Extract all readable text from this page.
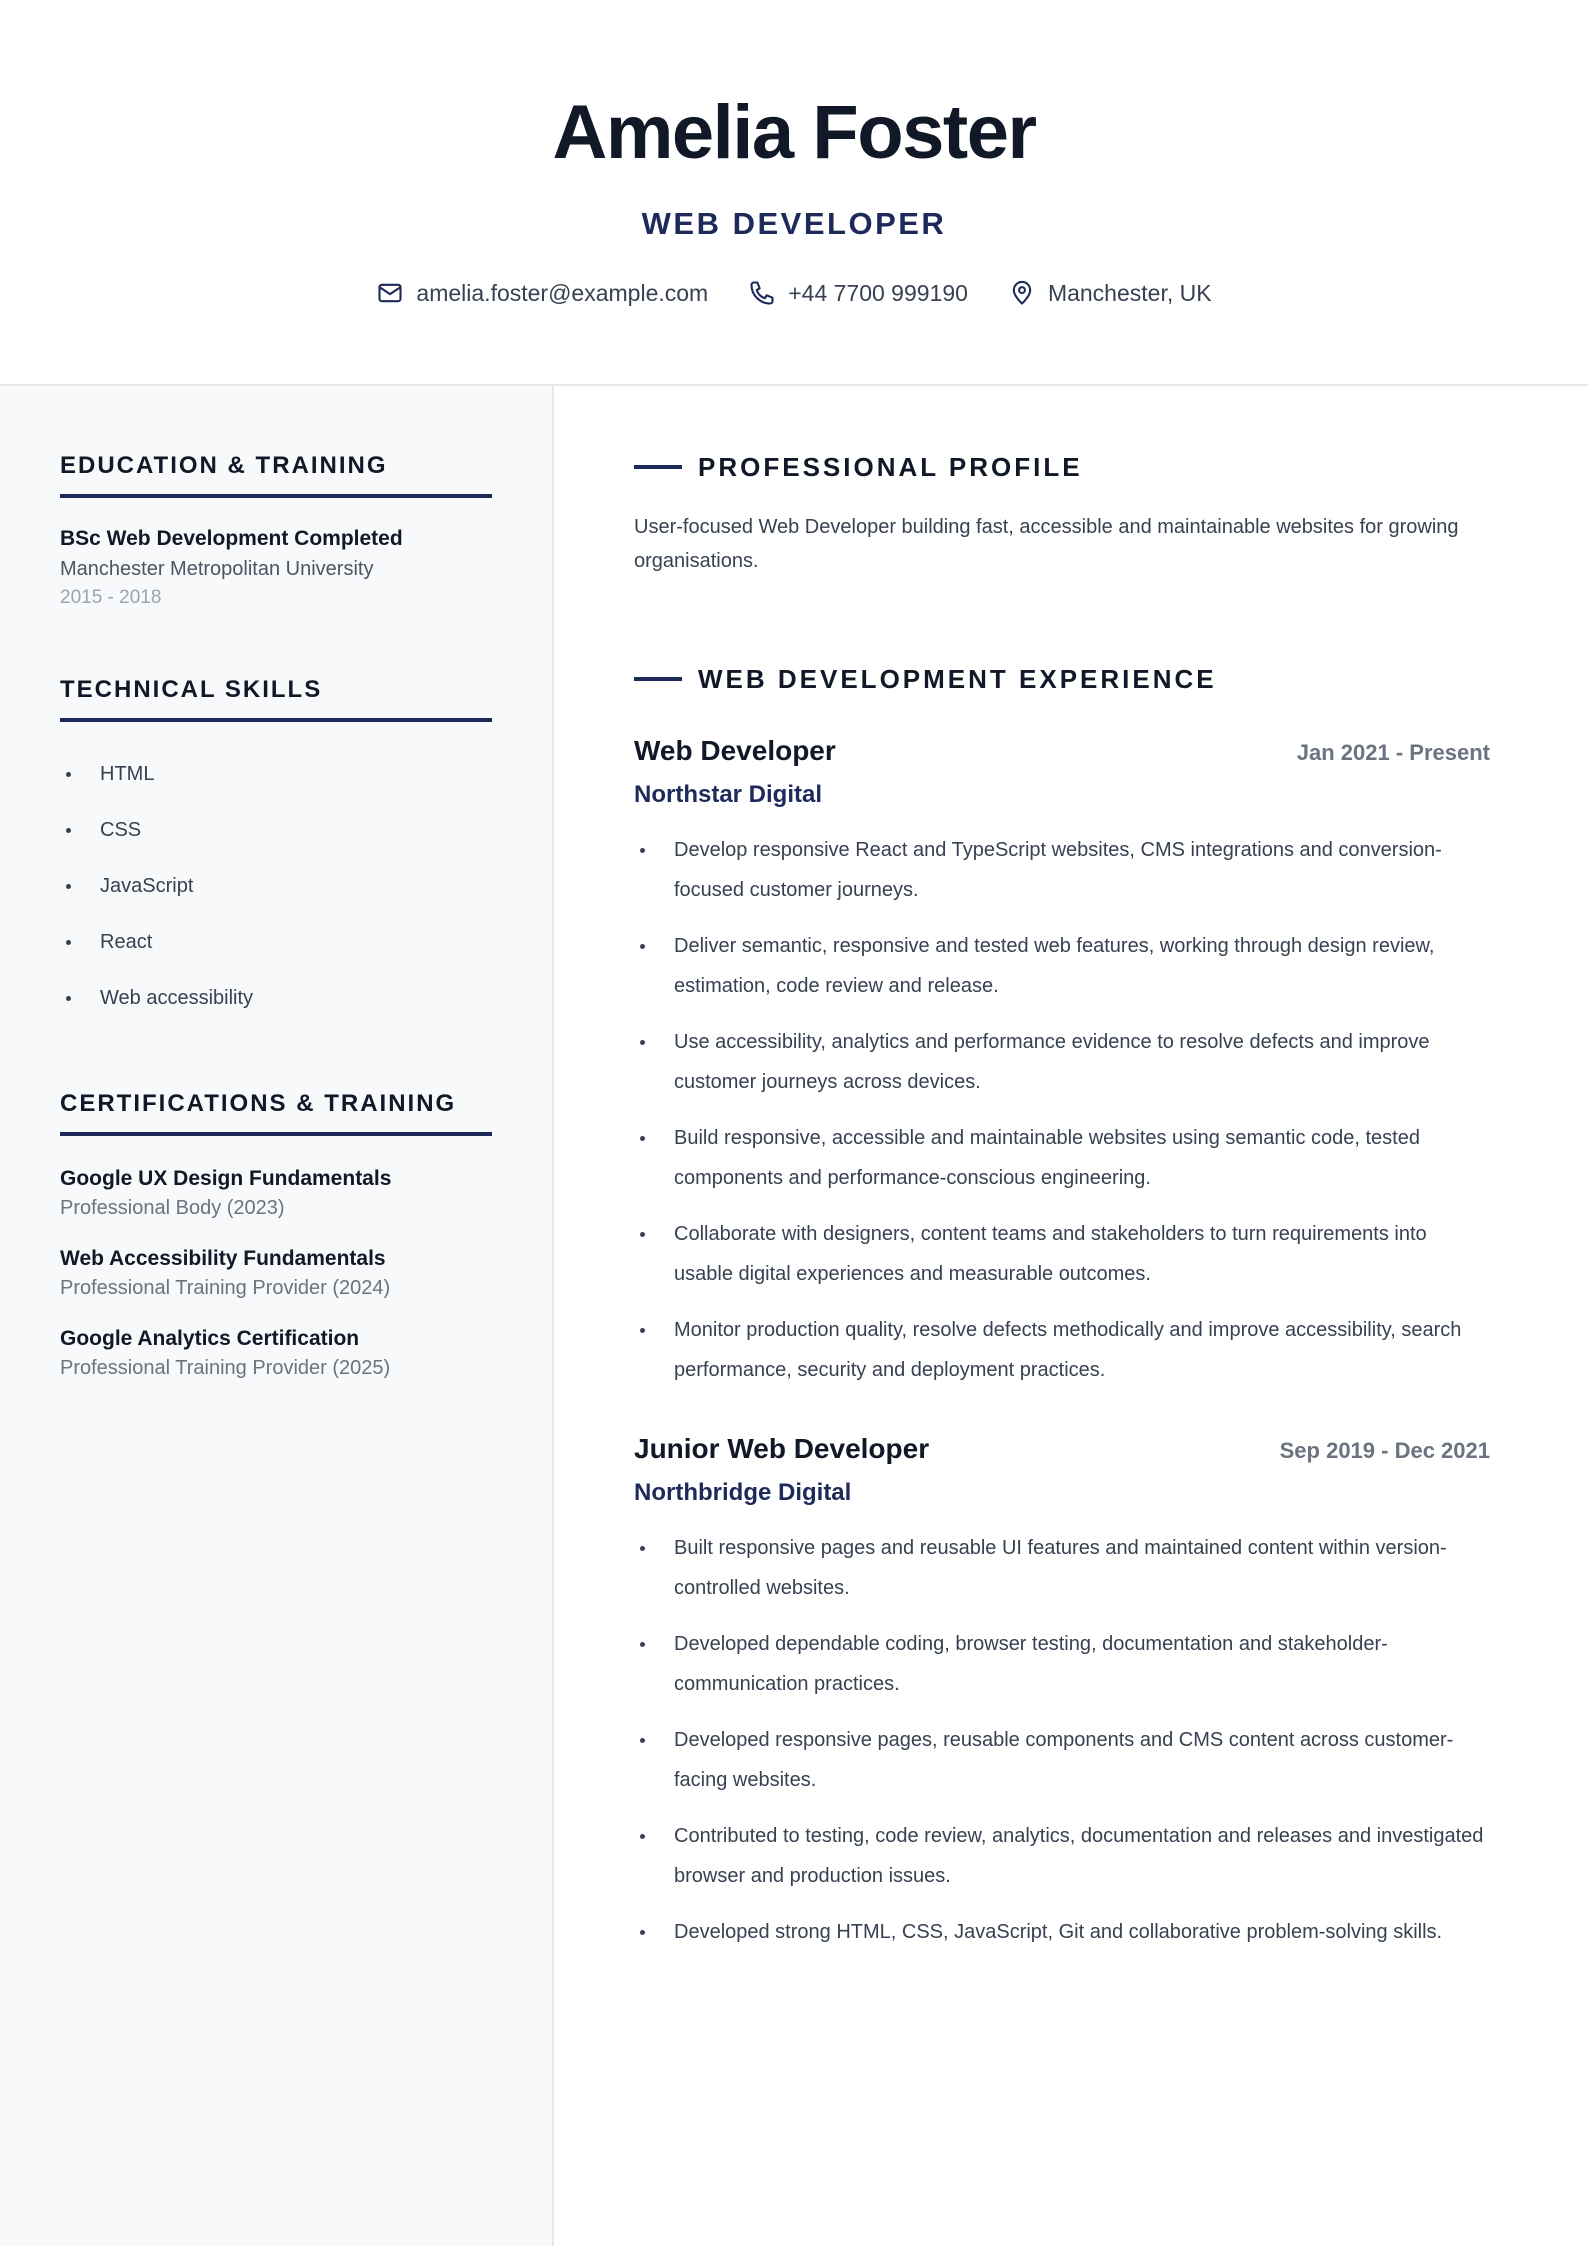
Amelia Foster
WEB DEVELOPER
amelia.foster@example.com	+44 7700 999190	Manchester, UK
EDUCATION & TRAINING
BSc Web Development Completed
Manchester Metropolitan University
2015 - 2018
TECHNICAL SKILLS
HTML
CSS
JavaScript
React
Web accessibility
CERTIFICATIONS & TRAINING
Google UX Design Fundamentals
Professional Body (2023)
Web Accessibility Fundamentals
Professional Training Provider (2024)
Google Analytics Certification
Professional Training Provider (2025)
PROFESSIONAL PROFILE

User-focused Web Developer building fast, accessible and maintainable websites for growing organisations.

WEB DEVELOPMENT EXPERIENCE
Web Developer	Jan 2021 - Present
Northstar Digital
Develop responsive React and TypeScript websites, CMS integrations and conversion-focused customer journeys.
Deliver semantic, responsive and tested web features, working through design review, estimation, code review and release.
Use accessibility, analytics and performance evidence to resolve defects and improve customer journeys across devices.
Build responsive, accessible and maintainable websites using semantic code, tested components and performance-conscious engineering.
Collaborate with designers, content teams and stakeholders to turn requirements into usable digital experiences and measurable outcomes.
Monitor production quality, resolve defects methodically and improve accessibility, search performance, security and deployment practices.
Junior Web Developer	Sep 2019 - Dec 2021
Northbridge Digital
Built responsive pages and reusable UI features and maintained content within version-controlled websites.
Developed dependable coding, browser testing, documentation and stakeholder-communication practices.
Developed responsive pages, reusable components and CMS content across customer-facing websites.
Contributed to testing, code review, analytics, documentation and releases and investigated browser and production issues.
Developed strong HTML, CSS, JavaScript, Git and collaborative problem-solving skills.
